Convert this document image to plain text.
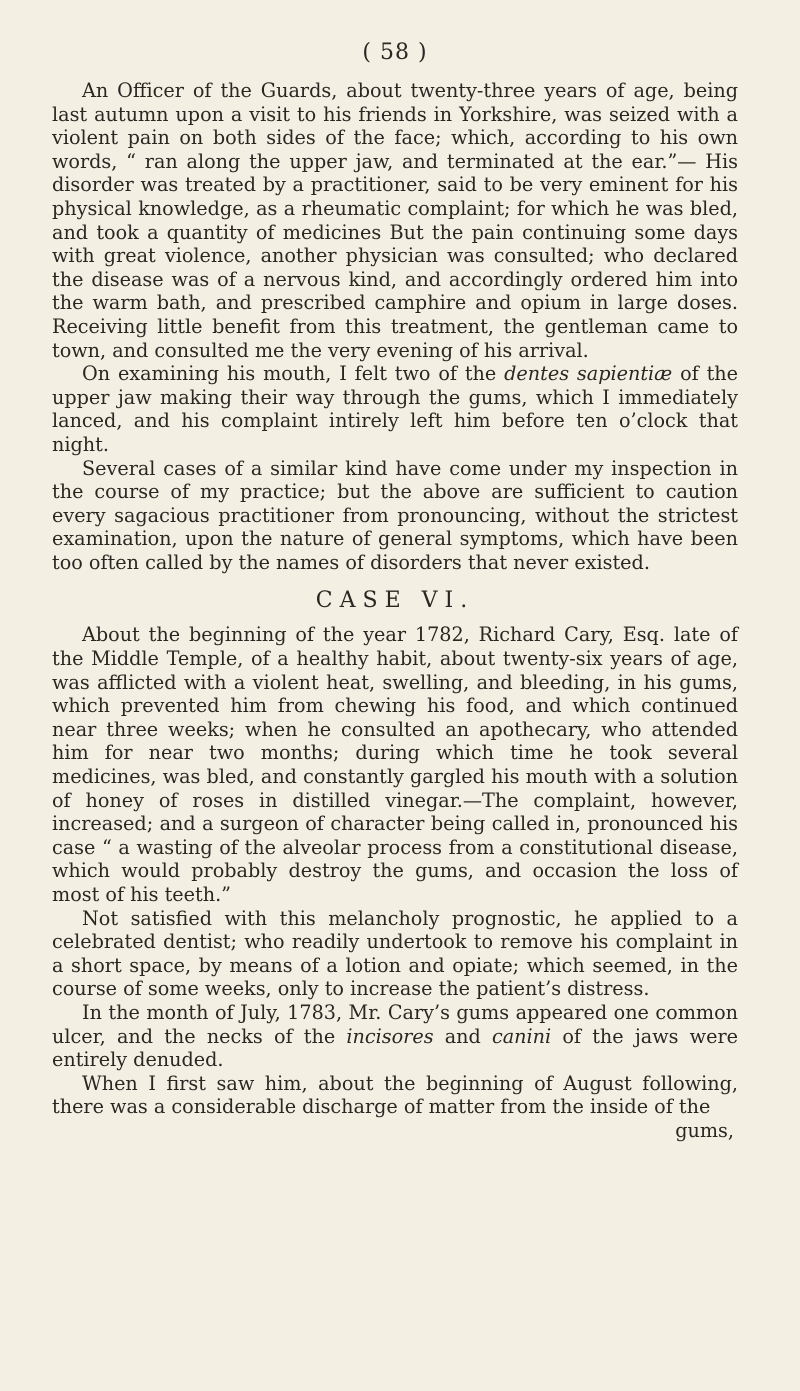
( 58 )

An Officer of the Guards, about twenty-three years of age, being last autumn upon a visit to his friends in Yorkshire, was seized with a violent pain on both sides of the face; which, according to his own words, “ ran along the upper jaw, and terminated at the ear.”— His disorder was treated by a practitioner, said to be very eminent for his physical knowledge, as a rheumatic complaint; for which he was bled, and took a quantity of medicines But the pain continuing some days with great violence, another physician was consulted; who declared the disease was of a nervous kind, and accordingly ordered him into the warm bath, and prescribed camphire and opium in large doses. Receiving little benefit from this treatment, the gentleman came to town, and consulted me the very evening of his arrival.

On examining his mouth, I felt two of the dentes sapientiæ of the upper jaw making their way through the gums, which I immediately lanced, and his complaint intirely left him before ten o’clock that night.

Several cases of a similar kind have come under my inspection in the course of my practice; but the above are sufficient to caution every sagacious practitioner from pronouncing, without the strictest examination, upon the nature of general symptoms, which have been too often called by the names of disorders that never existed.

CASE VI.

About the beginning of the year 1782, Richard Cary, Esq. late of the Middle Temple, of a healthy habit, about twenty-six years of age, was afflicted with a violent heat, swelling, and bleeding, in his gums, which prevented him from chewing his food, and which continued near three weeks; when he consulted an apothecary, who attended him for near two months; during which time he took several medicines, was bled, and constantly gargled his mouth with a solution of honey of roses in distilled vinegar.—The complaint, however, increased; and a surgeon of character being called in, pronounced his case “ a wasting of the alveolar process from a constitutional disease, which would probably destroy the gums, and occasion the loss of most of his teeth.”

Not satisfied with this melancholy prognostic, he applied to a celebrated dentist; who readily undertook to remove his complaint in a short space, by means of a lotion and opiate; which seemed, in the course of some weeks, only to increase the patient’s distress.

In the month of July, 1783, Mr. Cary’s gums appeared one common ulcer, and the necks of the incisores and canini of the jaws were entirely denuded.

When I first saw him, about the beginning of August following, there was a considerable discharge of matter from the inside of the

gums,
